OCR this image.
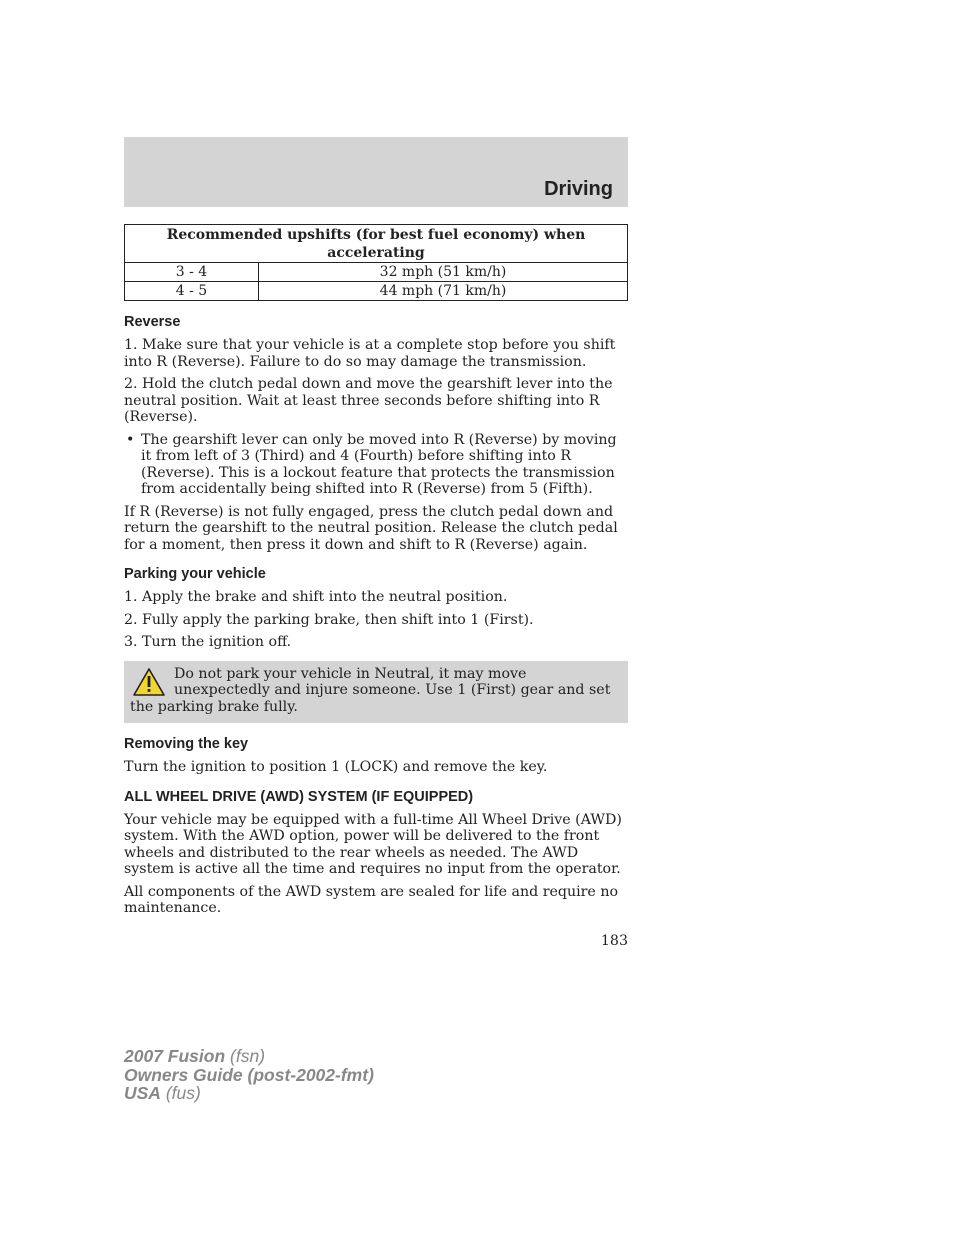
Driving
Recommended upshifts (for best fuel economy) when accelerating	
3 - 4	32 mph (51 km/h)
4 - 5	44 mph (71 km/h)
Reverse

1. Make sure that your vehicle is at a complete stop before you shift into R (Reverse). Failure to do so may damage the transmission.

2. Hold the clutch pedal down and move the gearshift lever into the neutral position. Wait at least three seconds before shifting into R (Reverse).

• The gearshift lever can only be moved into R (Reverse) by moving it from left of 3 (Third) and 4 (Fourth) before shifting into R (Reverse). This is a lockout feature that protects the transmission from accidentally being shifted into R (Reverse) from 5 (Fifth).

If R (Reverse) is not fully engaged, press the clutch pedal down and return the gearshift to the neutral position. Release the clutch pedal for a moment, then press it down and shift to R (Reverse) again.

Parking your vehicle

1. Apply the brake and shift into the neutral position.

2. Fully apply the parking brake, then shift into 1 (First).

3. Turn the ignition off.

Do not park your vehicle in Neutral, it may move unexpectedly and injure someone. Use 1 (First) gear and set the parking brake fully.
Removing the key

Turn the ignition to position 1 (LOCK) and remove the key.

ALL WHEEL DRIVE (AWD) SYSTEM (IF EQUIPPED)

Your vehicle may be equipped with a full-time All Wheel Drive (AWD) system. With the AWD option, power will be delivered to the front wheels and distributed to the rear wheels as needed. The AWD system is active all the time and requires no input from the operator.

All components of the AWD system are sealed for life and require no maintenance.

183
2007 Fusion (fsn)
Owners Guide (post-2002-fmt)
USA (fus)
